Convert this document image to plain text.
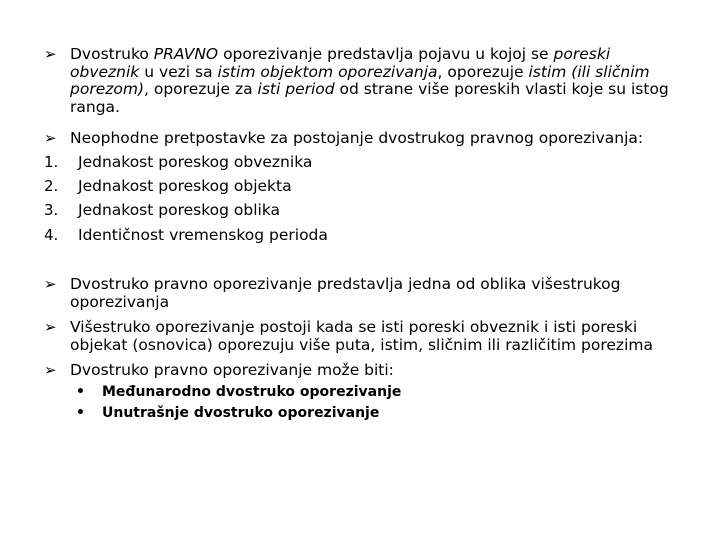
➢ Dvostruko PRAVNO oporezivanje predstavlja pojavu u kojoj se poreski obveznik u vezi sa istim objektom oporezivanja, oporezuje istim (ili sličnim porezom), oporezuje za isti period od strane više poreskih vlasti koje su istog ranga.
➢ Neophodne pretpostavke za postojanje dvostrukog pravnog oporezivanja:
1.	Jednakost poreskog obveznika
2.	Jednakost poreskog objekta
3.	Jednakost poreskog oblika
4.	Identičnost vremenskog perioda
➢ Dvostruko pravno oporezivanje predstavlja jedna od oblika višestrukog oporezivanja
➢ Višestruko oporezivanje postoji kada se isti poreski obveznik i isti poreski objekat (osnovica) oporezuju više puta, istim, sličnim ili različitim porezima
➢ Dvostruko pravno oporezivanje može biti:
• Međunarodno dvostruko oporezivanje
• Unutrašnje dvostruko oporezivanje
